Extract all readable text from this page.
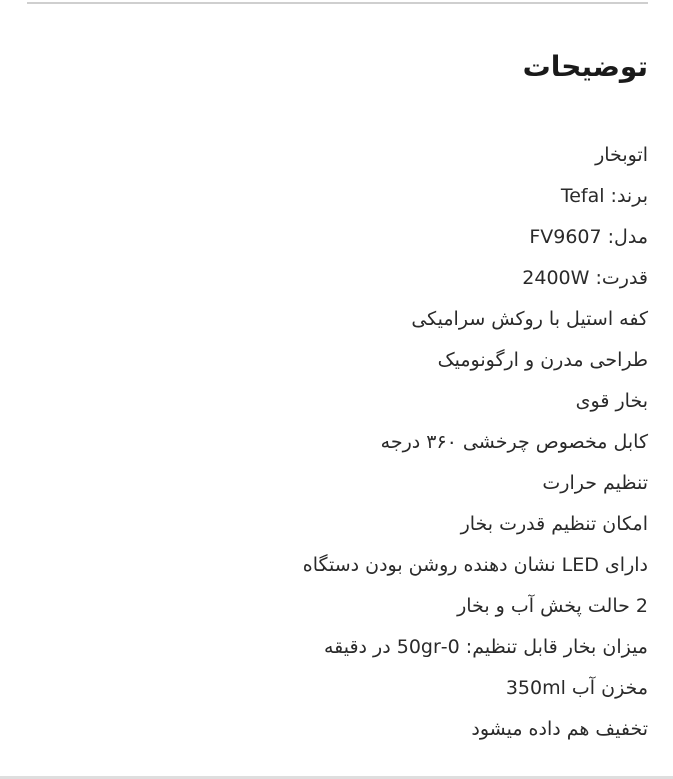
توضیحات
اتوبخار
برند: Tefal
مدل: FV9607
قدرت: 2400W
کفه استیل با روکش سرامیکی
طراحی مدرن و ارگونومیک
بخار قوی
کابل مخصوص چرخشی ۳۶۰ درجه
تنظیم حرارت
امکان تنظیم قدرت بخار
دارای LED نشان دهنده روشن بودن دستگاه
2 حالت پخش آب و بخار
میزان بخار قابل تنظیم: 0-50gr در دقیقه
مخزن آب 350ml
تخفیف هم داده میشود
